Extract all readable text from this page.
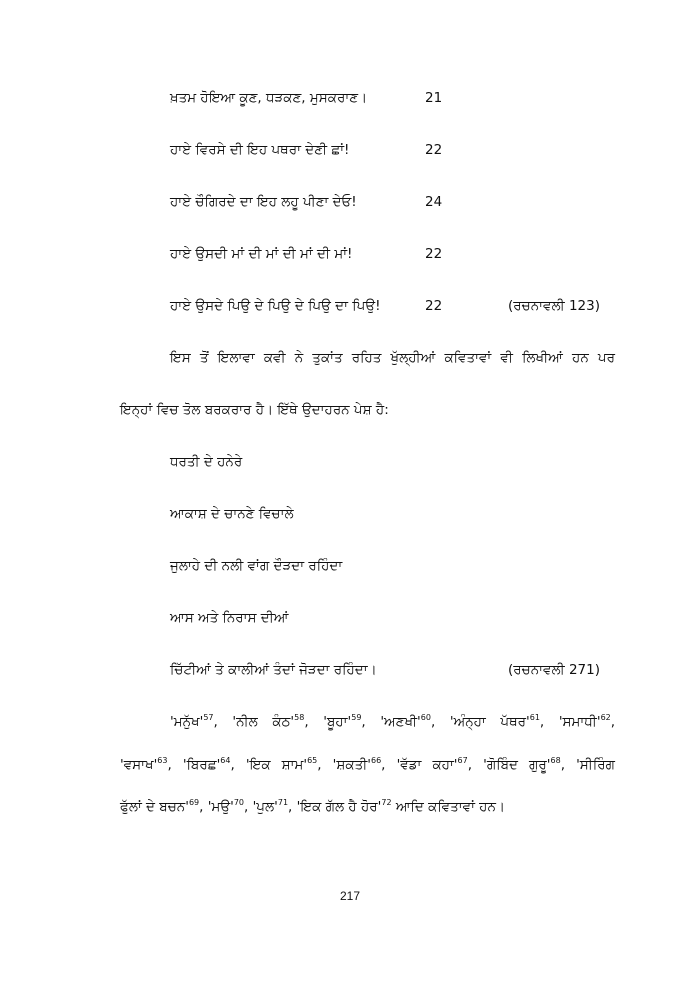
ਖ਼ਤਮ ਹੋਇਆ ਕੂਣ, ਧੜਕਣ, ਮੁਸਕਰਾਣ।	21
ਹਾਏ ਵਿਰਸੇ ਦੀ ਇਹ ਪਥਰਾ ਦੇਣੀ ਛਾਂ!	22
ਹਾਏ ਚੌਗਿਰਦੇ ਦਾ ਇਹ ਲਹੂ ਪੀਣਾ ਦੇਓ!	24
ਹਾਏ ਉਸਦੀ ਮਾਂ ਦੀ ਮਾਂ ਦੀ ਮਾਂ ਦੀ ਮਾਂ!	22
ਹਾਏ ਉਸਦੇ ਪਿਉ ਦੇ ਪਿਉ ਦੇ ਪਿਉ ਦਾ ਪਿਉ!	22	(ਰਚਨਾਵਲੀ 123)
ਇਸ ਤੋਂ ਇਲਾਵਾ ਕਵੀ ਨੇ ਤੁਕਾਂਤ ਰਹਿਤ ਖੁੱਲ੍ਹੀਆਂ ਕਵਿਤਾਵਾਂ ਵੀ ਲਿਖੀਆਂ ਹਨ ਪਰ
ਇਨ੍ਹਾਂ ਵਿਚ ਤੋਲ ਬਰਕਰਾਰ ਹੈ। ਇੱਥੇ ਉਦਾਹਰਨ ਪੇਸ਼ ਹੈ:
ਧਰਤੀ ਦੇ ਹਨੇਰੇ
ਆਕਾਸ਼ ਦੇ ਚਾਨਣੇ ਵਿਚਾਲੇ
ਜੁਲਾਹੇ ਦੀ ਨਲੀ ਵਾਂਗ ਦੌੜਦਾ ਰਹਿੰਦਾ
ਆਸ ਅਤੇ ਨਿਰਾਸ ਦੀਆਂ
ਚਿੱਟੀਆਂ ਤੇ ਕਾਲੀਆਂ ਤੰਦਾਂ ਜੋੜਦਾ ਰਹਿੰਦਾ।	(ਰਚਨਾਵਲੀ 271)
'$ਮਨੁੱਖ'^{57}$, 'ਨੀਲ $ਕੰਠ'^{58}$, '$ਬੂਹਾ'^{59}$, '$ਅਣਖੀ'^{60}$, 'ਅੰਨ੍ਹਾ $ਪੱਥਰ'^{61}$, '$ਸਮਾਧੀ'^{62}$,
'$ਵਸਾਖ'^{63}$, '$ਬਿਰਛ'^{64}$, 'ਇਕ $ਸ਼ਾਮ'^{65}$, '$ਸ਼ਕਤੀ'^{66}$, 'ਵੱਡਾ $ਕਹਾ'^{67}$, 'ਗੋਬਿੰਦ $ਗੁਰੂ'^{68}$, 'ਸੀਰਿੰਗ
ਫੁੱਲਾਂ ਦੇ $ਬਚਨ'^{69}$, '$ਮਉ'^{70}$, '$ਪੁਲ'^{71}$, 'ਇਕ ਗੱਲ ਹੈ $ਹੋਰ'^{72}$ ਆਦਿ ਕਵਿਤਾਵਾਂ ਹਨ।
217
